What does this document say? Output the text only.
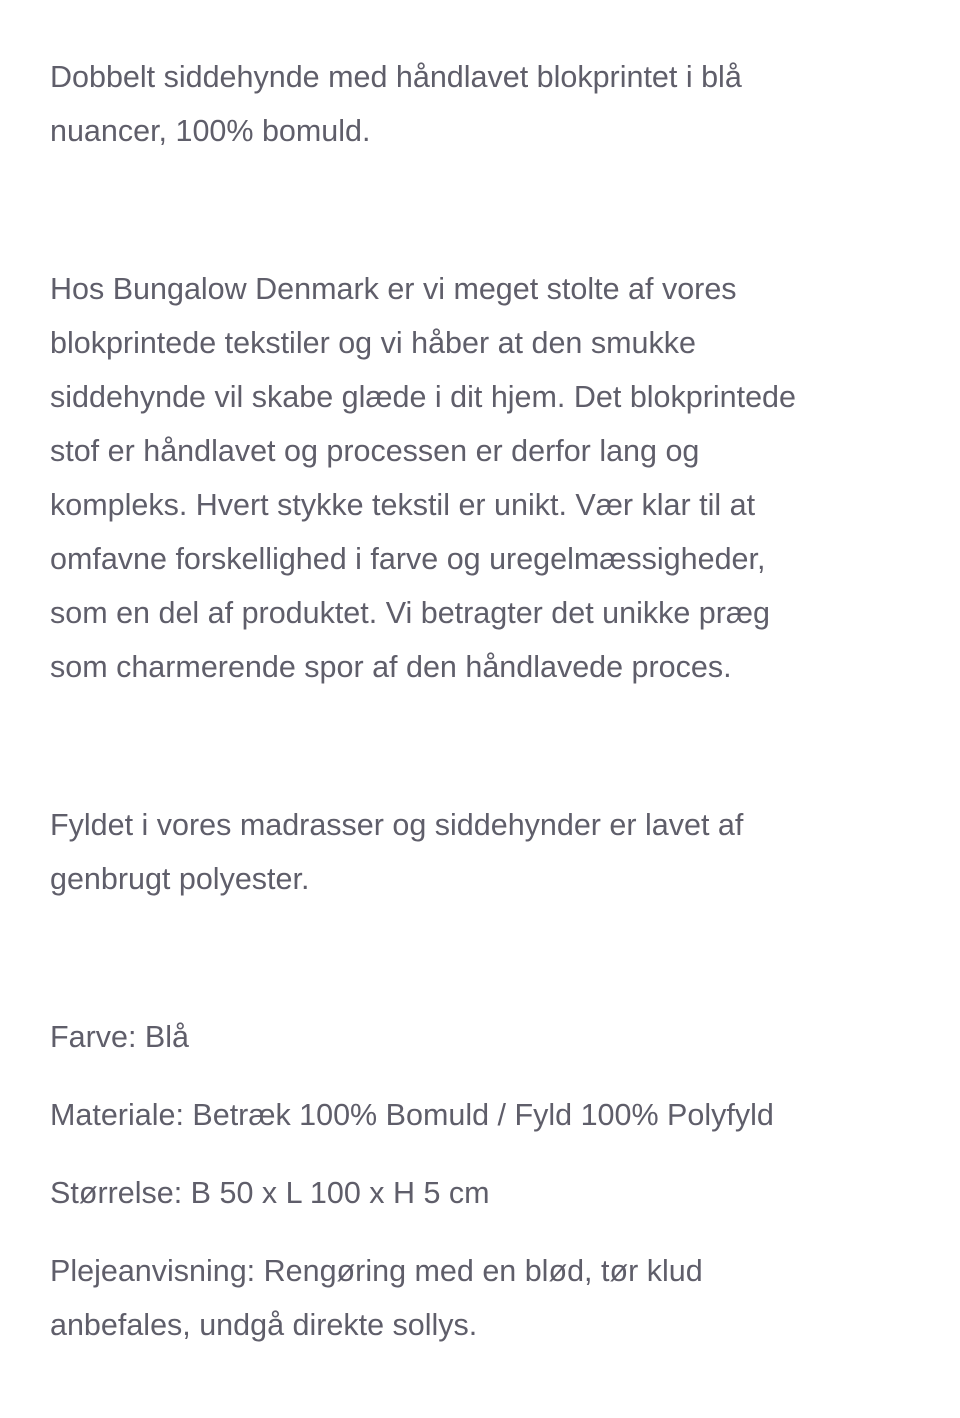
Dobbelt siddehynde med håndlavet blokprintet i blå
nuancer, 100% bomuld.
Hos Bungalow Denmark er vi meget stolte af vores
blokprintede tekstiler og vi håber at den smukke
siddehynde vil skabe glæde i dit hjem. Det blokprintede
stof er håndlavet og processen er derfor lang og
kompleks. Hvert stykke tekstil er unikt. Vær klar til at
omfavne forskellighed i farve og uregelmæssigheder,
som en del af produktet. Vi betragter det unikke præg
som charmerende spor af den håndlavede proces.
Fyldet i vores madrasser og siddehynder er lavet af
genbrugt polyester.
Farve: Blå
Materiale: Betræk 100% Bomuld / Fyld 100% Polyfyld
Størrelse: B 50 x L 100 x H 5 cm
Plejeanvisning: Rengøring med en blød, tør klud
anbefales, undgå direkte sollys.
